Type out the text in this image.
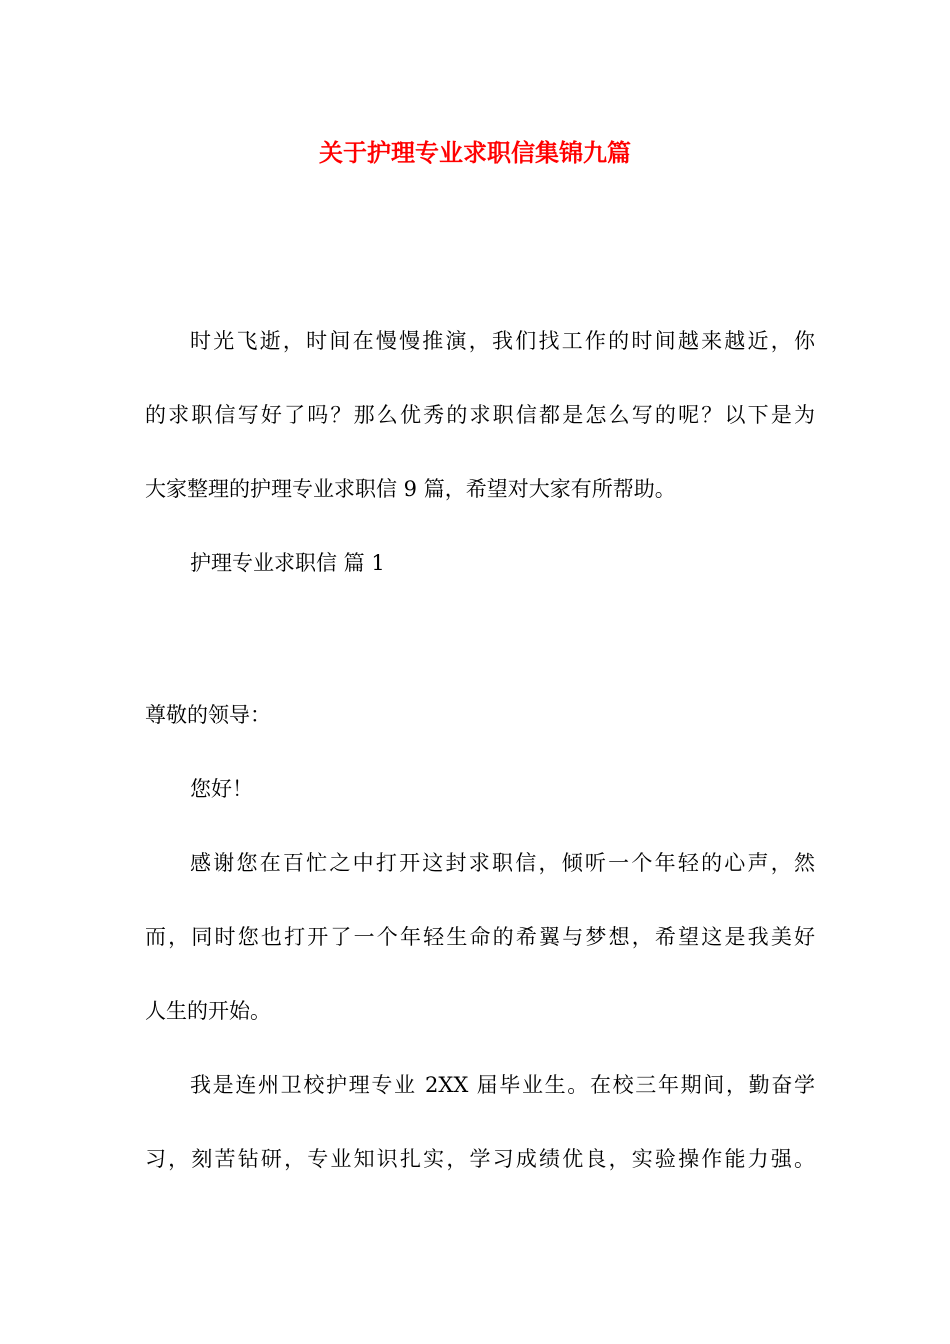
关于护理专业求职信集锦九篇
时光飞逝，时间在慢慢推演，我们找工作的时间越来越近，你
的求职信写好了吗？那么优秀的求职信都是怎么写的呢？以下是为
大家整理的护理专业求职信 9 篇，希望对大家有所帮助。
护理专业求职信 篇 1
尊敬的领导：
您好！
感谢您在百忙之中打开这封求职信，倾听一个年轻的心声，然
而，同时您也打开了一个年轻生命的希翼与梦想，希望这是我美好
人生的开始。
我是连州卫校护理专业 2XX 届毕业生。在校三年期间，勤奋学
习，刻苦钻研，专业知识扎实，学习成绩优良，实验操作能力强。
